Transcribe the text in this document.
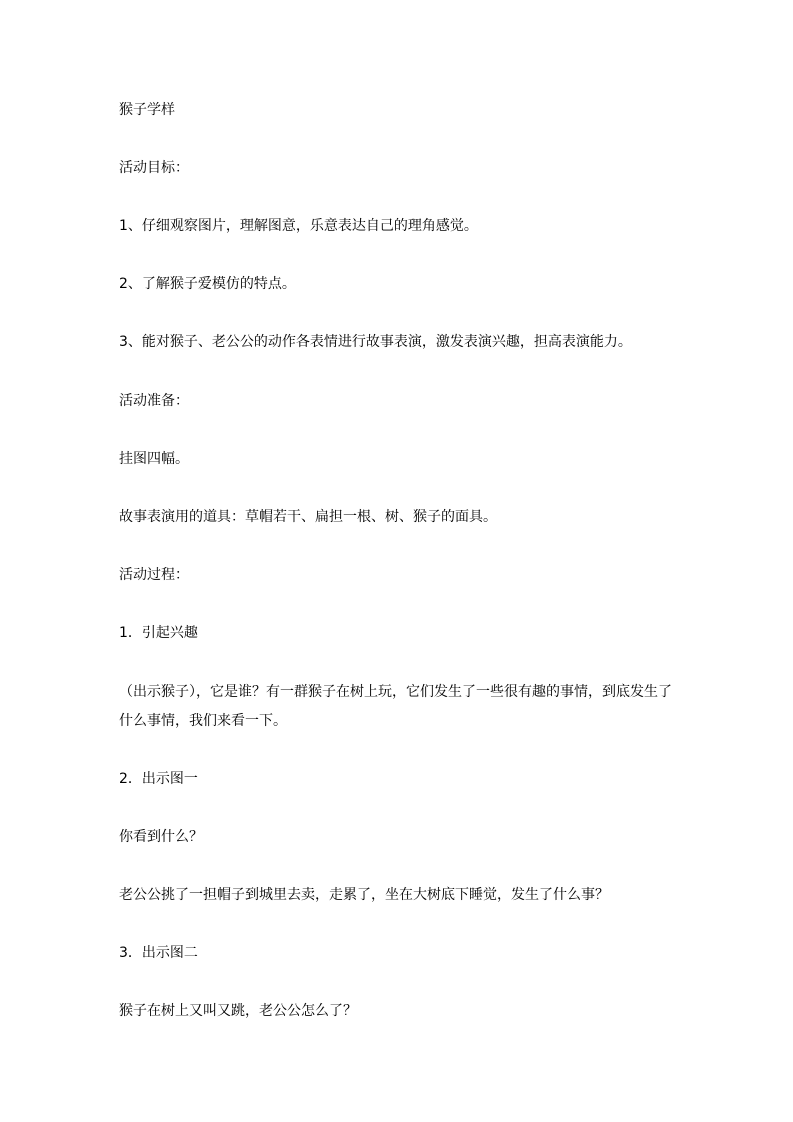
猴子学样
活动目标：
1、仔细观察图片，理解图意，乐意表达自己的理角感觉。
2、了解猴子爱模仿的特点。
3、能对猴子、老公公的动作各表情进行故事表演，激发表演兴趣，担高表演能力。
活动准备：
挂图四幅。
故事表演用的道具：草帽若干、扁担一根、树、猴子的面具。
活动过程：
1．引起兴趣
（出示猴子），它是谁？有一群猴子在树上玩，它们发生了一些很有趣的事情，到底发生了
什么事情，我们来看一下。
2．出示图一
你看到什么？
老公公挑了一担帽子到城里去卖，走累了，坐在大树底下睡觉，发生了什么事？
3．出示图二
猴子在树上又叫又跳，老公公怎么了？
